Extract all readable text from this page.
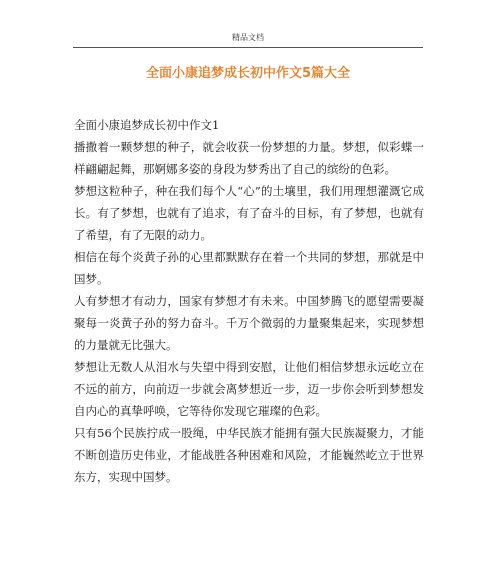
精品文档
全面小康追梦成长初中作文5篇大全

全面小康追梦成长初中作文1

播撒着一颗梦想的种子，就会收获一份梦想的力量。梦想，似彩蝶一样翩翩起舞，那婀娜多姿的身段为梦秀出了自己的缤纷的色彩。

梦想这粒种子，种在我们每个人“心”的土壤里，我们用理想灌溉它成长。有了梦想，也就有了追求，有了奋斗的目标，有了梦想，也就有了希望，有了无限的动力。

相信在每个炎黄子孙的心里都默默存在着一个共同的梦想，那就是中国梦。

人有梦想才有动力，国家有梦想才有未来。中国梦腾飞的愿望需要凝聚每一炎黄子孙的努力奋斗。千万个微弱的力量聚集起来，实现梦想的力量就无比强大。

梦想让无数人从泪水与失望中得到安慰，让他们相信梦想永远屹立在不远的前方，向前迈一步就会离梦想近一步，迈一步你会听到梦想发自内心的真挚呼唤，它等待你发现它璀璨的色彩。

只有56个民族拧成一股绳，中华民族才能拥有强大民族凝聚力，才能不断创造历史伟业，才能战胜各种困难和风险，才能巍然屹立于世界东方，实现中国梦。
